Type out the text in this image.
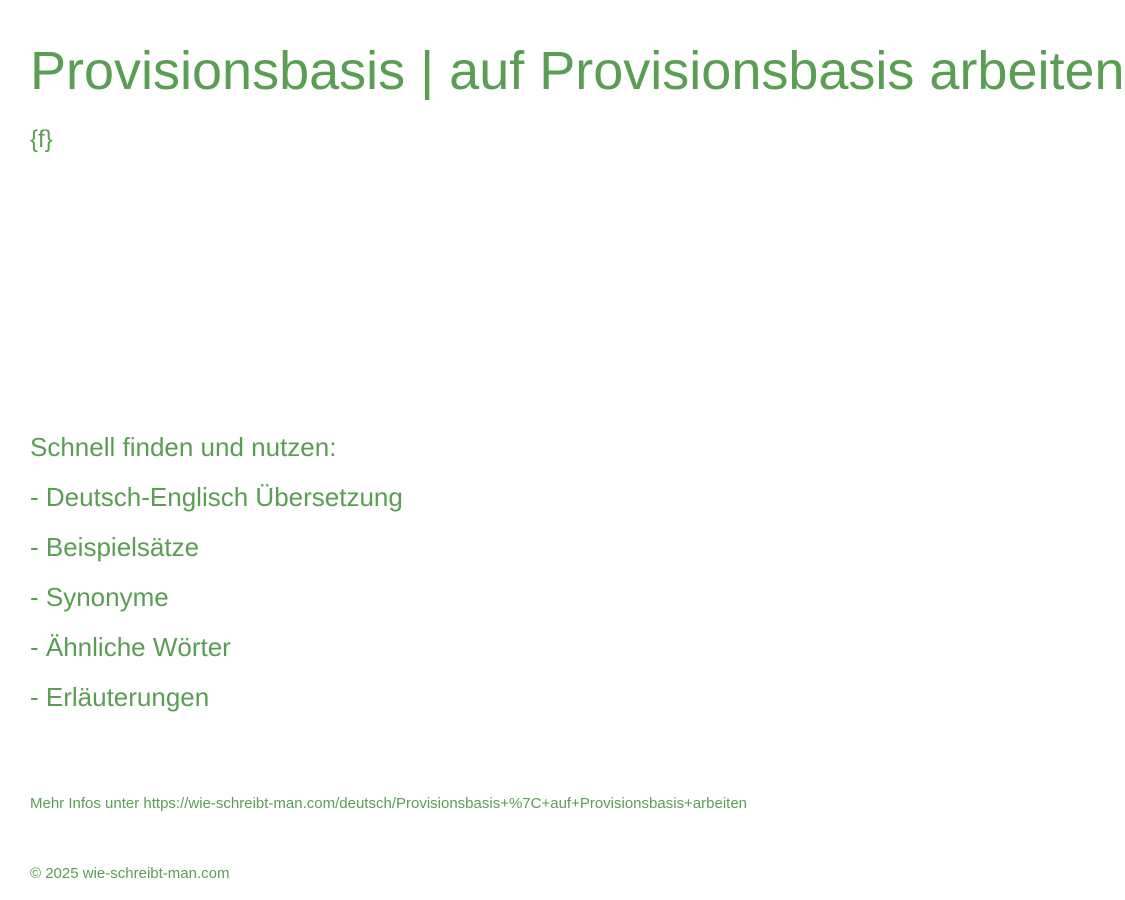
Provisionsbasis | auf Provisionsbasis arbeiten
{f}
Schnell finden und nutzen:
- Deutsch-Englisch Übersetzung
- Beispielsätze
- Synonyme
- Ähnliche Wörter
- Erläuterungen
Mehr Infos unter https://wie-schreibt-man.com/deutsch/Provisionsbasis+%7C+auf+Provisionsbasis+arbeiten
© 2025 wie-schreibt-man.com
